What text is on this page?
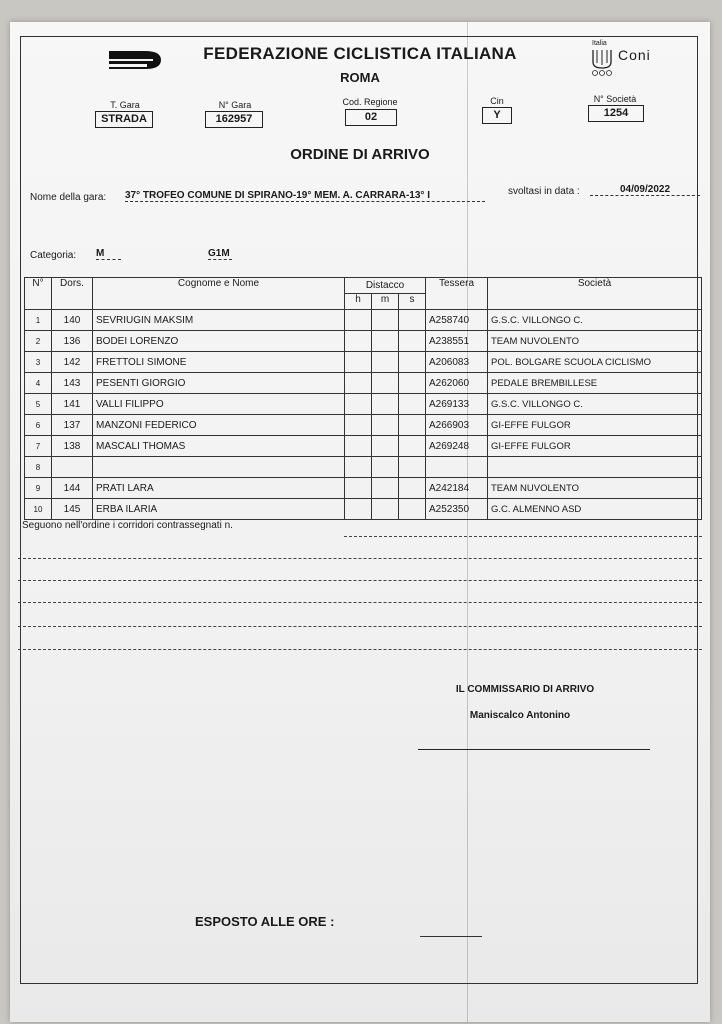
Italia
Coni
FEDERAZIONE CICLISTICA ITALIANA
ROMA
T. Gara
STRADA
N° Gara
162957
Cod. Regione
02
Cin
Y
N° Società
1254
ORDINE DI ARRIVO
Nome della gara: 37° TROFEO COMUNE DI SPIRANO-19° MEM. A. CARRARA-13° I	svoltasi in data :	04/09/2022
Categoria: M	G1M
N°	Dors.	Cognome e Nome	Distacco			Tessera	Società
			h	m	s		
1	140	SEVRIUGIN MAKSIM				A258740	G.S.C. VILLONGO C.
2	136	BODEI LORENZO				A238551	TEAM NUVOLENTO
3	142	FRETTOLI SIMONE				A206083	POL. BOLGARE SCUOLA CICLISMO
4	143	PESENTI GIORGIO				A262060	PEDALE BREMBILLESE
5	141	VALLI FILIPPO				A269133	G.S.C. VILLONGO C.
6	137	MANZONI FEDERICO				A266903	GI-EFFE FULGOR
7	138	MASCALI THOMAS				A269248	GI-EFFE FULGOR
8							
9	144	PRATI LARA				A242184	TEAM NUVOLENTO
10	145	ERBA ILARIA				A252350	G.C. ALMENNO ASD
Seguono nell'ordine i corridori contrassegnati n.
IL COMMISSARIO DI ARRIVO
Maniscalco Antonino
ESPOSTO ALLE ORE :
